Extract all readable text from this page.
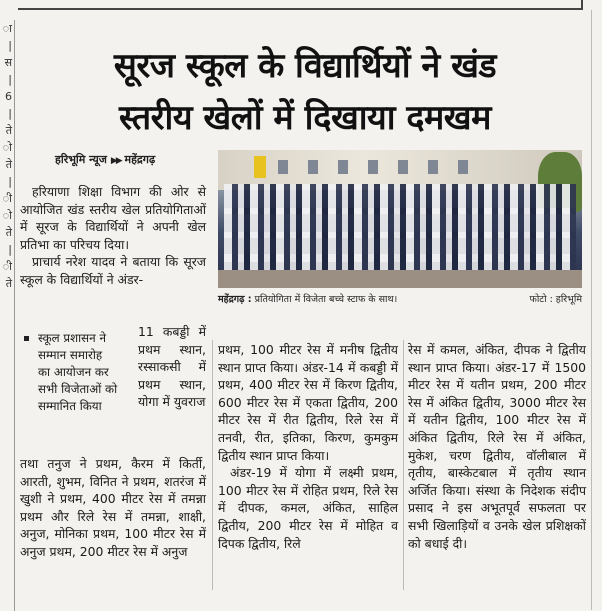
ा
|
स
|
6
|
ते
ो
ते
|
ी
ो
ते
|
ी
ते
सूरज स्कूल के विद्यार्थियों ने खंड
स्तरीय खेलों में दिखाया दमखम
हरिभूमि न्यूज ▶▶ महेंद्रगढ़
महेंद्रगढ़ : प्रतियोगिता में विजेता बच्चे स्टाफ के साथ।	फोटो : हरिभूमि

हरियाणा शिक्षा विभाग की ओर से आयोजित खंड स्तरीय खेल प्रतियोगिताओं में सूरज के विद्यार्थियों ने अपनी खेल प्रतिभा का परिचय दिया।

प्राचार्य नरेश यादव ने बताया कि सूरज स्कूल के विद्यार्थियों ने अंडर-

स्कूल प्रशासन ने
सम्मान समारोह
का आयोजन कर
सभी विजेताओं को
सम्मानित किया
11 कबड्डी में प्रथम स्थान, रस्साकसी में प्रथम स्थान, योगा में युवराज
तथा तनुज ने प्रथम, कैरम में किर्ती, आरती, शुभम, विनित ने प्रथम, शतरंज में खुशी ने प्रथम, 400 मीटर रेस में तमन्ना प्रथम और रिले रेस में तमन्ना, शाक्षी, अनुज, मोनिका प्रथम, 100 मीटर रेस में अनुज प्रथम, 200 मीटर रेस में अनुज

प्रथम, 100 मीटर रेस में मनीष द्वितीय स्थान प्राप्त किया। अंडर-14 में कबड्डी में प्रथम, 400 मीटर रेस में किरण द्वितीय, 600 मीटर रेस में एकता द्वितीय, 200 मीटर रेस में रीत द्वितीय, रिले रेस में तनवी, रीत, इतिका, किरण, कुमकुम द्वितीय स्थान प्राप्त किया।

अंडर-19 में योगा में लक्ष्मी प्रथम, 100 मीटर रेस में रोहित प्रथम, रिले रेस में दीपक, कमल, अंकित, साहिल द्वितीय, 200 मीटर रेस में मोहित व दिपक द्वितीय, रिले

रेस में कमल, अंकित, दीपक ने द्वितीय स्थान प्राप्त किया। अंडर-17 में 1500 मीटर रेस में यतीन प्रथम, 200 मीटर रेस में अंकित द्वितीय, 3000 मीटर रेस में यतीन द्वितीय, 100 मीटर रेस में अंकित द्वितीय, रिले रेस में अंकित, मुकेश, चरण द्वितीय, वॉलीबाल में तृतीय, बास्केटबाल में तृतीय स्थान अर्जित किया। संस्था के निदेशक संदीप प्रसाद ने इस अभूतपूर्व सफलता पर सभी खिलाड़ियों व उनके खेल प्रशिक्षकों को बधाई दी।
